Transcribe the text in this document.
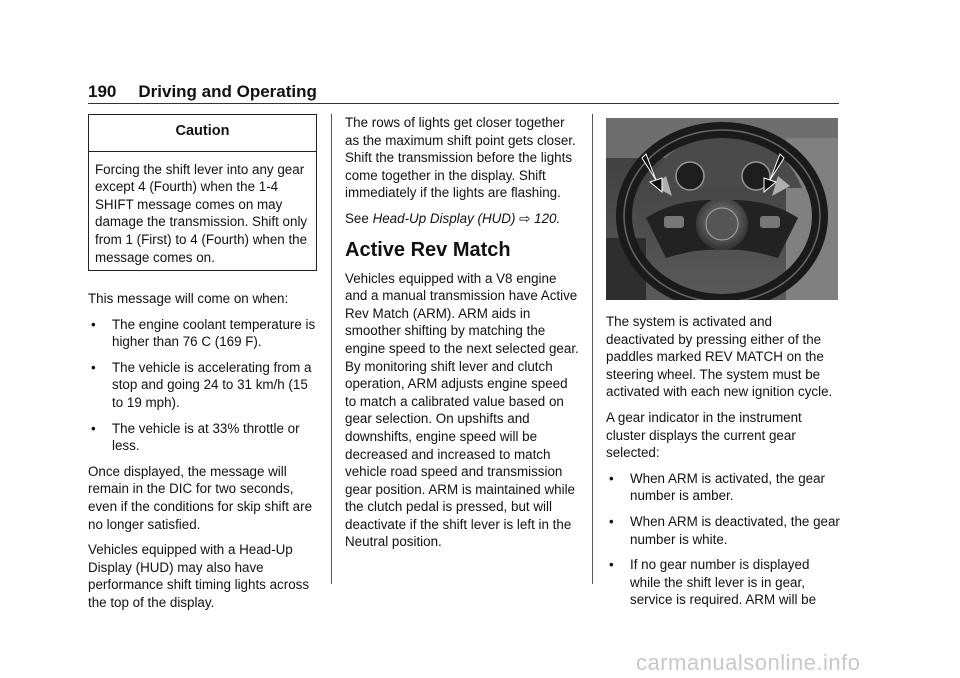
190 Driving and Operating
Caution

Forcing the shift lever into any gear except 4 (Fourth) when the 1-4 SHIFT message comes on may damage the transmission. Shift only from 1 (First) to 4 (Fourth) when the message comes on.

This message will come on when:

• The engine coolant temperature is higher than 76 C (169 F).
• The vehicle is accelerating from a stop and going 24 to 31 km/h (15 to 19 mph).
• The vehicle is at 33% throttle or less.

Once displayed, the message will remain in the DIC for two seconds, even if the conditions for skip shift are no longer satisfied.

Vehicles equipped with a Head-Up Display (HUD) may also have performance shift timing lights across the top of the display.

The rows of lights get closer together as the maximum shift point gets closer. Shift the transmission before the lights come together in the display. Shift immediately if the lights are flashing.

See Head-Up Display (HUD) ⇨ 120.

Active Rev Match

Vehicles equipped with a V8 engine and a manual transmission have Active Rev Match (ARM). ARM aids in smoother shifting by matching the engine speed to the next selected gear. By monitoring shift lever and clutch operation, ARM adjusts engine speed to match a calibrated value based on gear selection. On upshifts and downshifts, engine speed will be decreased and increased to match vehicle road speed and transmission gear position. ARM is maintained while the clutch pedal is pressed, but will deactivate if the shift lever is left in the Neutral position.

The system is activated and deactivated by pressing either of the paddles marked REV MATCH on the steering wheel. The system must be activated with each new ignition cycle.

A gear indicator in the instrument cluster displays the current gear selected:

• When ARM is activated, the gear number is amber.
• When ARM is deactivated, the gear number is white.
• If no gear number is displayed while the shift lever is in gear, service is required. ARM will be
carmanualsonline.info
